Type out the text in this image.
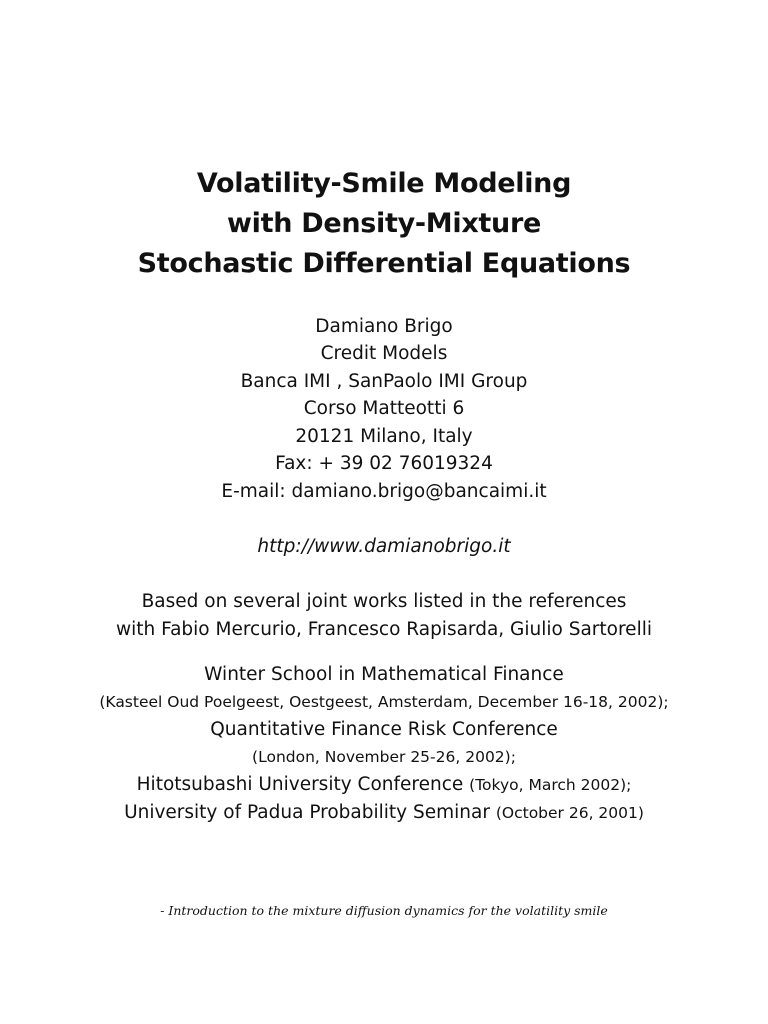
Volatility-Smile Modeling
with Density-Mixture
Stochastic Differential Equations
Damiano Brigo
Credit Models
Banca IMI , SanPaolo IMI Group
Corso Matteotti 6
20121 Milano, Italy
Fax: + 39 02 76019324
E-mail: damiano.brigo@bancaimi.it
http://www.damianobrigo.it
Based on several joint works listed in the references
with Fabio Mercurio, Francesco Rapisarda, Giulio Sartorelli
Winter School in Mathematical Finance
(Kasteel Oud Poelgeest, Oestgeest, Amsterdam, December 16-18, 2002);
Quantitative Finance Risk Conference
(London, November 25-26, 2002);
Hitotsubashi University Conference (Tokyo, March 2002);
University of Padua Probability Seminar (October 26, 2001)
- Introduction to the mixture diffusion dynamics for the volatility smile
